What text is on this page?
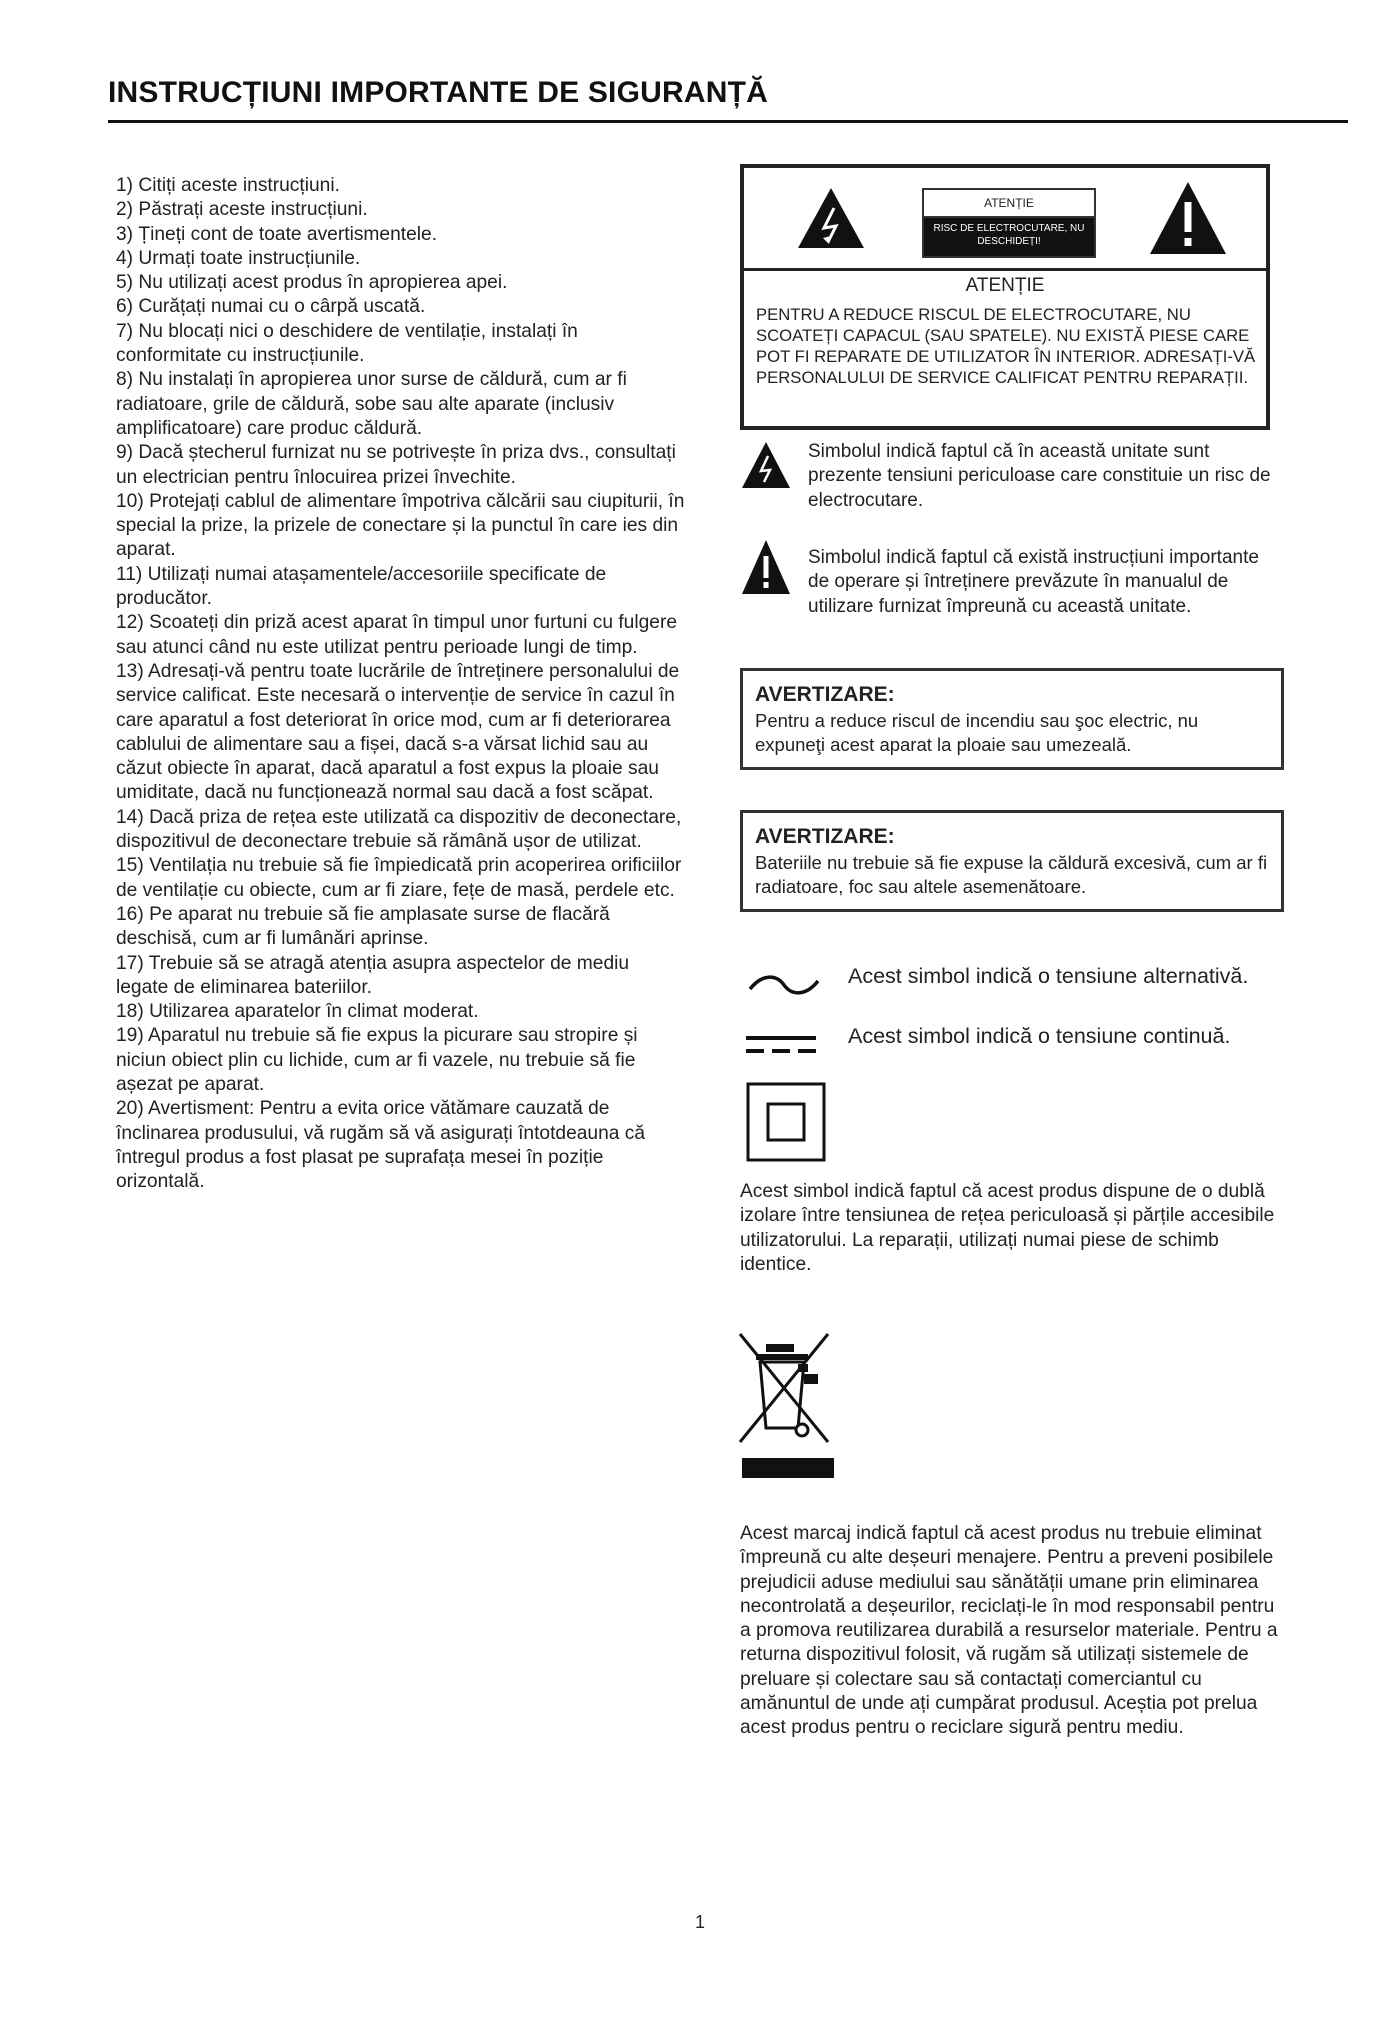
INSTRUCȚIUNI IMPORTANTE DE SIGURANȚĂ
1) Citiți aceste instrucțiuni.
2) Păstrați aceste instrucțiuni.
3) Țineți cont de toate avertismentele.
4) Urmați toate instrucțiunile.
5) Nu utilizați acest produs în apropierea apei.
6) Curățați numai cu o cârpă uscată.
7) Nu blocați nici o deschidere de ventilație, instalați în conformitate cu instrucțiunile.
8) Nu instalați în apropierea unor surse de căldură, cum ar fi radiatoare, grile de căldură, sobe sau alte aparate (inclusiv amplificatoare) care produc căldură.
9) Dacă ștecherul furnizat nu se potrivește în priza dvs., consultați un electrician pentru înlocuirea prizei învechite.
10) Protejați cablul de alimentare împotriva călcării sau ciupiturii, în special la prize, la prizele de conectare și la punctul în care ies din aparat.
11) Utilizați numai atașamentele/accesoriile specificate de producător.
12) Scoateți din priză acest aparat în timpul unor furtuni cu fulgere sau atunci când nu este utilizat pentru perioade lungi de timp.
13) Adresați-vă pentru toate lucrările de întreținere personalului de service calificat. Este necesară o intervenție de service în cazul în care aparatul a fost deteriorat în orice mod, cum ar fi deteriorarea cablului de alimentare sau a fișei, dacă s-a vărsat lichid sau au căzut obiecte în aparat, dacă aparatul a fost expus la ploaie sau umiditate, dacă nu funcționează normal sau dacă a fost scăpat.
14) Dacă priza de rețea este utilizată ca dispozitiv de deconectare, dispozitivul de deconectare trebuie să rămână ușor de utilizat.
15) Ventilația nu trebuie să fie împiedicată prin acoperirea orificiilor de ventilație cu obiecte, cum ar fi ziare, fețe de masă, perdele etc.
16) Pe aparat nu trebuie să fie amplasate surse de flacără deschisă, cum ar fi lumânări aprinse.
17) Trebuie să se atragă atenția asupra aspectelor de mediu legate de eliminarea bateriilor.
18) Utilizarea aparatelor în climat moderat.
19) Aparatul nu trebuie să fie expus la picurare sau stropire și niciun obiect plin cu lichide, cum ar fi vazele, nu trebuie să fie așezat pe aparat.
20) Avertisment: Pentru a evita orice vătămare cauzată de înclinarea produsului, vă rugăm să vă asigurați întotdeauna că întregul produs a fost plasat pe suprafața mesei în poziție orizontală.
ATENȚIE
RISC DE ELECTROCUTARE, NU DESCHIDEȚI!
ATENȚIE
PENTRU A REDUCE RISCUL DE ELECTROCUTARE, NU SCOATEȚI CAPACUL (SAU SPATELE). NU EXISTĂ PIESE CARE POT FI REPARATE DE UTILIZATOR ÎN INTERIOR. ADRESAȚI-VĂ PERSONALULUI DE SERVICE CALIFICAT PENTRU REPARAȚII.
Simbolul indică faptul că în această unitate sunt prezente tensiuni periculoase care constituie un risc de electrocutare.
Simbolul indică faptul că există instrucțiuni importante de operare și întreținere prevăzute în manualul de utilizare furnizat împreună cu această unitate.
AVERTIZARE:
Pentru a reduce riscul de incendiu sau şoc electric, nu expuneţi acest aparat la ploaie sau umezeală.
AVERTIZARE:
Bateriile nu trebuie să fie expuse la căldură excesivă, cum ar fi radiatoare, foc sau altele asemenătoare.
Acest simbol indică o tensiune alternativă.
Acest simbol indică o tensiune continuă.
Acest simbol indică faptul că acest produs dispune de o dublă izolare între tensiunea de rețea periculoasă și părțile accesibile utilizatorului. La reparații, utilizați numai piese de schimb identice.
Acest marcaj indică faptul că acest produs nu trebuie eliminat împreună cu alte deșeuri menajere. Pentru a preveni posibilele prejudicii aduse mediului sau sănătății umane prin eliminarea necontrolată a deșeurilor, reciclați-le în mod responsabil pentru a promova reutilizarea durabilă a resurselor materiale. Pentru a returna dispozitivul folosit, vă rugăm să utilizați sistemele de preluare și colectare sau să contactați comerciantul cu amănuntul de unde ați cumpărat produsul. Aceștia pot prelua acest produs pentru o reciclare sigură pentru mediu.
1
